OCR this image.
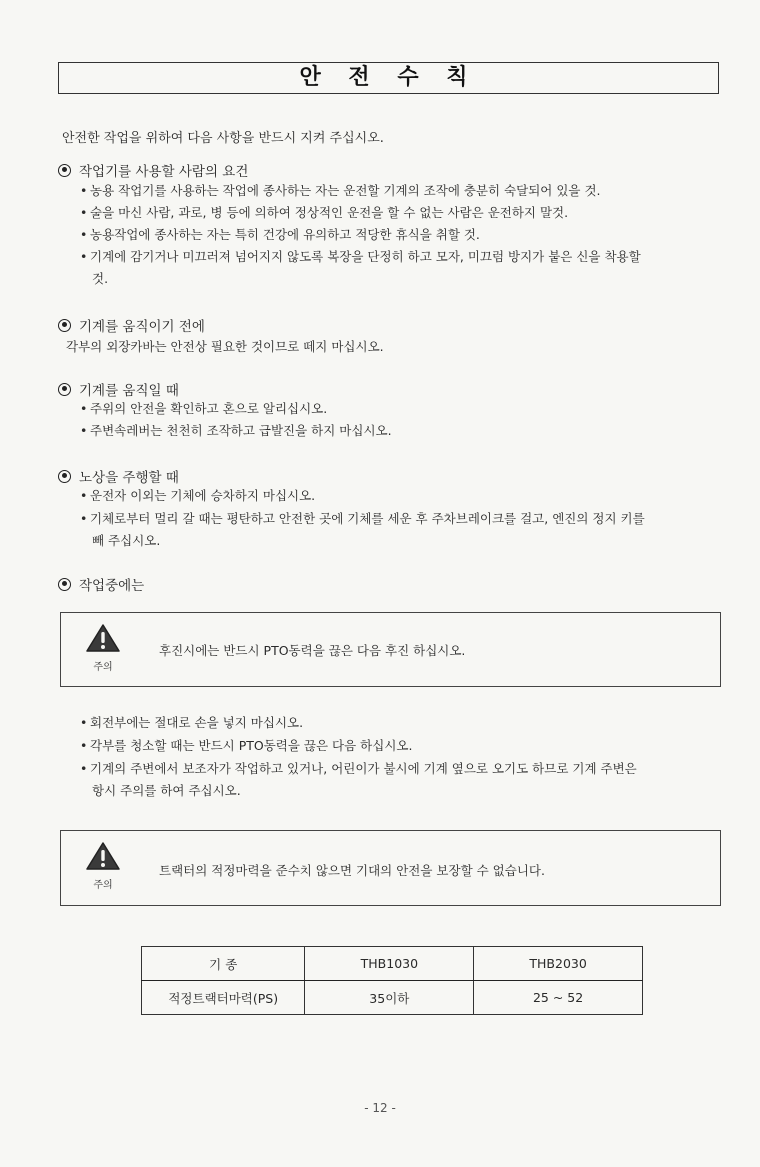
안 전 수 칙
안전한 작업을 위하여 다음 사항을 반드시 지켜 주십시오.
작업기를 사용할 사람의 요건
• 농용 작업기를 사용하는 작업에 종사하는 자는 운전할 기계의 조작에 충분히 숙달되어 있을 것.
• 술을 마신 사람, 과로, 병 등에 의하여 정상적인 운전을 할 수 없는 사람은 운전하지 말것.
• 농용작업에 종사하는 자는 특히 건강에 유의하고 적당한 휴식을 취할 것.
• 기계에 감기거나 미끄러져 넘어지지 않도록 복장을 단정히 하고 모자, 미끄럼 방지가 붙은 신을 착용할
것.
기계를 움직이기 전에
각부의 외장카바는 안전상 필요한 것이므로 떼지 마십시오.
기계를 움직일 때
• 주위의 안전을 확인하고 혼으로 알리십시오.
• 주변속레버는 천천히 조작하고 급발진을 하지 마십시오.
노상을 주행할 때
• 운전자 이외는 기체에 승차하지 마십시오.
• 기체로부터 멀리 갈 때는 평탄하고 안전한 곳에 기체를 세운 후 주차브레이크를 걸고, 엔진의 정지 키를
빼 주십시오.
작업중에는
주의
후진시에는 반드시 PTO동력을 끊은 다음 후진 하십시오.
• 회전부에는 절대로 손을 넣지 마십시오.
• 각부를 청소할 때는 반드시 PTO동력을 끊은 다음 하십시오.
• 기계의 주변에서 보조자가 작업하고 있거나, 어린이가 불시에 기계 옆으로 오기도 하므로 기계 주변은
항시 주의를 하여 주십시오.
주의
트랙터의 적정마력을 준수치 않으면 기대의 안전을 보장할 수 없습니다.
기 종	THB1030	THB2030
적정트랙터마력(PS)	35이하	25 ~ 52
- 12 -
